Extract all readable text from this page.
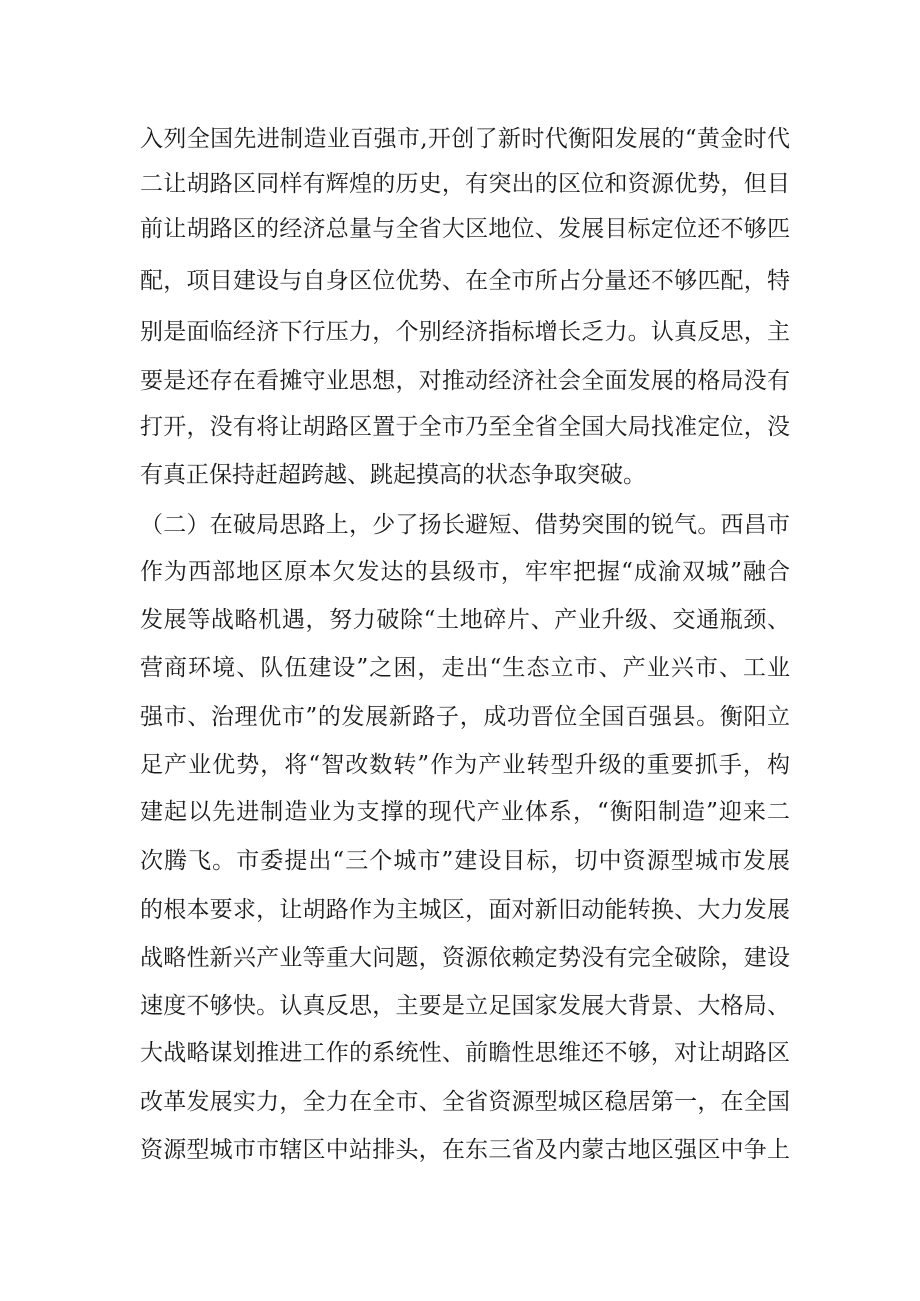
入列全国先进制造业百强市,开创了新时代衡阳发展的“黄金时代
二让胡路区同样有辉煌的历史，有突出的区位和资源优势，但目
前让胡路区的经济总量与全省大区地位、发展目标定位还不够匹
配，项目建设与自身区位优势、在全市所占分量还不够匹配，特
别是面临经济下行压力，个别经济指标增长乏力。认真反思，主
要是还存在看摊守业思想，对推动经济社会全面发展的格局没有
打开，没有将让胡路区置于全市乃至全省全国大局找准定位，没
有真正保持赶超跨越、跳起摸高的状态争取突破。
（二）在破局思路上，少了扬长避短、借势突围的锐气。西昌市
作为西部地区原本欠发达的县级市，牢牢把握“成渝双城”融合
发展等战略机遇，努力破除“土地碎片、产业升级、交通瓶颈、
营商环境、队伍建设”之困，走出“生态立市、产业兴市、工业
强市、治理优市”的发展新路子，成功晋位全国百强县。衡阳立
足产业优势，将“智改数转”作为产业转型升级的重要抓手，构
建起以先进制造业为支撑的现代产业体系，“衡阳制造”迎来二
次腾飞。市委提出“三个城市”建设目标，切中资源型城市发展
的根本要求，让胡路作为主城区，面对新旧动能转换、大力发展
战略性新兴产业等重大问题，资源依赖定势没有完全破除，建设
速度不够快。认真反思，主要是立足国家发展大背景、大格局、
大战略谋划推进工作的系统性、前瞻性思维还不够，对让胡路区
改革发展实力，全力在全市、全省资源型城区稳居第一，在全国
资源型城市市辖区中站排头，在东三省及内蒙古地区强区中争上
